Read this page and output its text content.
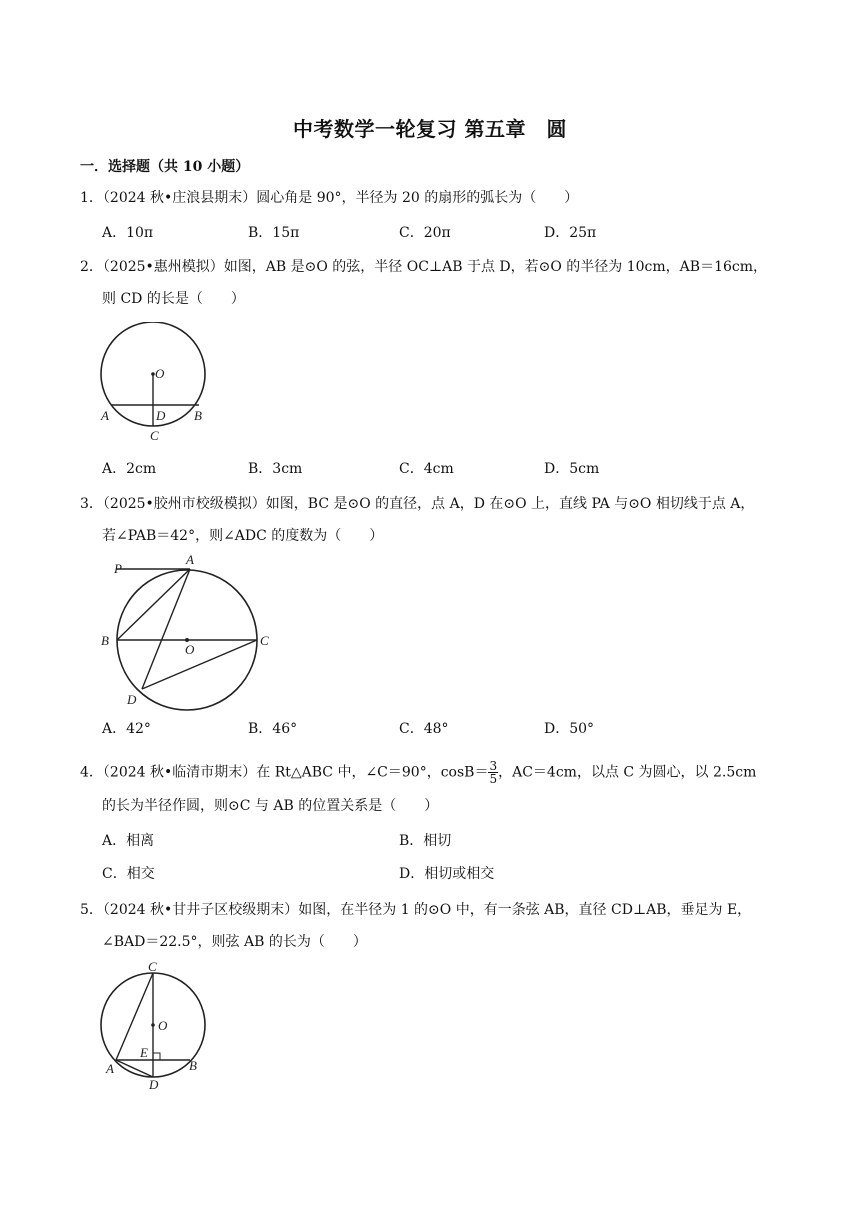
中考数学一轮复习 第五章　圆
一．选择题（共 10 小题）
1．（2024 秋•庄浪县期末）圆心角是 90°，半径为 20 的扇形的弧长为（　　）
A．10π	B．15π	C．20π	D．25π
2．（2025•惠州模拟）如图，AB 是⊙O 的弦，半径 OC⊥AB 于点 D，若⊙O 的半径为 10cm，AB＝16cm，
则 CD 的长是（　　）
O
A	D B
C
A．2cm	B．3cm	C．4cm	D．5cm
3．（2025•胶州市校级模拟）如图，BC 是⊙O 的直径，点 A，D 在⊙O 上，直线 PA 与⊙O 相切线于点 A，
若∠PAB＝42°，则∠ADC 的度数为（　　）
P
A
B
O
C
D
A．42°	B．46°	C．48°	D．50°
4．（2024 秋•临清市期末）在 Rt△ABC 中，∠C＝90°，$\cos B= \frac{3}{5}$ ，AC＝4cm，以点 C 为圆心，以 2.5cm
的长为半径作圆，则⊙C 与 AB 的位置关系是（　　）
A．相离	B．相切
C．相交	D．相切或相交
5．（2024 秋•甘井子区校级期末）如图，在半径为 1 的⊙O 中，有一条弦 AB，直径 CD⊥AB，垂足为 E，
∠BAD＝22.5°，则弦 AB 的长为（　　）
C
O
E
A	B
D
